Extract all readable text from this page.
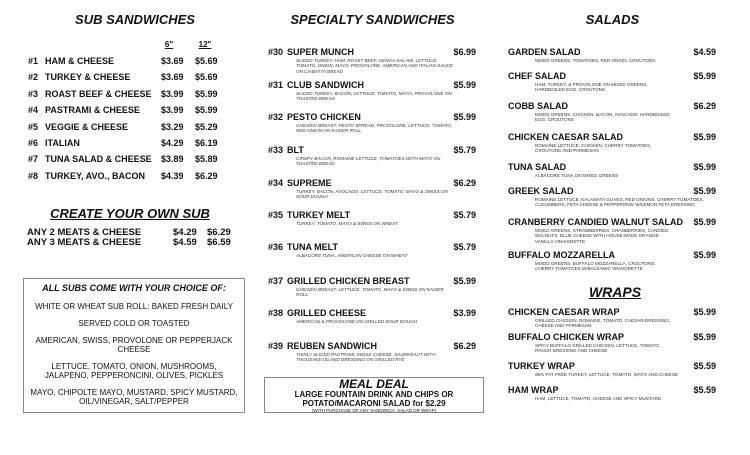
SUB SANDWICHES
6"	12"
#1 HAM & CHEESE	$3.69 $5.69
#2 TURKEY & CHEESE	$3.69 $5.69
#3 ROAST BEEF & CHEESE $3.99 $5.99
#4 PASTRAMI & CHEESE $3.99 $5.99
#5 VEGGIE & CHEESE	$3.29 $5.29
#6 ITALIAN	$4.29 $6.19
#7 TUNA SALAD & CHEESE $3.89 $5.89
#8 TURKEY, AVO., BACON $4.39 $6.29
CREATE YOUR OWN SUB
ANY 2 MEATS & CHEESE	$4.29 $6.29
ANY 3 MEATS & CHEESE	$4.59 $6.59

ALL SUBS COME WITH YOUR CHOICE OF:

WHITE OR WHEAT SUB ROLL: BAKED FRESH DAILY

SERVED COLD OR TOASTED

AMERICAN, SWISS, PROVOLONE OR PEPPERJACK CHEESE

LETTUCE, TOMATO, ONION, MUSHROOMS, JALAPENO, PEPPERONCINI, OLIVES, PICKLES

MAYO, CHIPOLTE MAYO, MUSTARD, SPICY MUSTARD, OIL/VINEGAR, SALT/PEPPER

SPECIALTY SANDWICHES
#30 SUPER MUNCH	$6.99
SLICED TURKEY, HAM, ROAST BEEF, GENOA SALAMI, LETTUCE, TOMATO, ONION, MAYO, PROVOLONE, AMERICAN AND ITALIAN SAUCE ON CIABATTA BREAD
#31 CLUB SANDWICH	$5.99
SLICED TURKEY, BACON, LETTUCE, TOMATO, MAYO, PROVOLONE ON TOASTED BREAD
#32 PESTO CHICKEN	$5.99
CHICKEN BREAST, PESTO SPREAD, PROVOLONE, LETTUCE, TOMATO, RED ONION ON KAISER ROLL
#33 BLT	$5.79
CRISPY BACON, ROMAINE LETTUCE, TOMATOES WITH MAYO ON TOASTED BREAD
#34 SUPREME	$6.29
TURKEY, BACON, AVOCADO, LETTUCE, TOMATO, MAYO & SWISS ON SOUR DOUGH
#35 TURKEY MELT	$5.79
TURKEY, TOMATO, MAYO & SWISS ON WHEAT
#36 TUNA MELT	$5.79
ALBACORE TUNA, AMERICAN CHEESE ON WHEAT
#37 GRILLED CHICKEN BREAST	$5.99
CHICKEN BREAST, LETTUCE, TOMATO, MAYO & SWISS ON KAISER ROLL
#38 GRILLED CHEESE	$3.99
AMERICAN & PROVOLONE ON GRILLED SOUR DOUGH
#39 REUBEN SANDWICH	$6.29
THINLY SLICED PASTRAMI, SWISS CHEESE, SAURKRAUT WITH THOUSAND ISLAND DRESSING ON GRILLED RYE
MEAL DEAL
LARGE FOUNTAIN DRINK AND CHIPS OR POTATO/MACARONI SALAD for $2.29
(WITH PURCHASE OF ANY SANDWICH, SALAD OR WRAP)
SALADS
GARDEN SALAD	$4.59
MIXED GREENS, TOMATOES, RED ONION, CROUTONS
CHEF SALAD	$5.99
HAM, TURKEY, & PROVOLONE ON MIXED GREENS, HARDBOILED EGG, CROUTONS
COBB SALAD	$6.29
MIXED GREENS, CHICKEN, BACON, AVOCADO, HARDBOILED EGG, CROUTONS
CHICKEN CAESAR SALAD	$5.99
ROMAINE LETTUCE, CHICKEN, CHERRY TOMATOES, CROUTONS AND PARMESAN
TUNA SALAD	$5.99
ALBACORE TUNA ON MIXED GREENS
GREEK SALAD	$5.99
ROMAINE LETTUCE, KALAMATA OLIVES, RED ONIONS, CHERRY TOMATOES, CUCUMBERS, FETA CHEESE & PEPPERONIS W/LEMON FETA DRESSING
CRANBERRY CANDIED WALNUT SALAD $5.99
MIXED GREENS, STRAWBERRIES, CRANBERRIES, CANDIED WALNUTS, BLUE CHEESE WITH HOUSE-MADE ORANGE-VANILLA VINAIGRETTE
BUFFALO MOZZARELLA	$5.99
MIXED GREENS, BUFFALO MOZZARELLA, CROUTONS, CHERRY TOMATOES W/BALSAMIC VINAIGRETTE
WRAPS
CHICKEN CAESAR WRAP	$5.99
GRILLED CHICKEN, ROMAINE, TOMATO, CAESAR DRESSING, CHEESE AND PARMESAN
BUFFALO CHICKEN WRAP	$5.99
SPICY BUFFALO GRILLED CHICKEN, LETTUCE, TOMATO, RANCH DRESSING AND CHEESE
TURKEY WRAP	$5.59
95% FAT FREE TURKEY, LETTUCE, TOMATO, MAYO AND CHEESE
HAM WRAP	$5.59
HAM, LETTUCE, TOMATO, CHEESE AND SPICY MUSTARD
